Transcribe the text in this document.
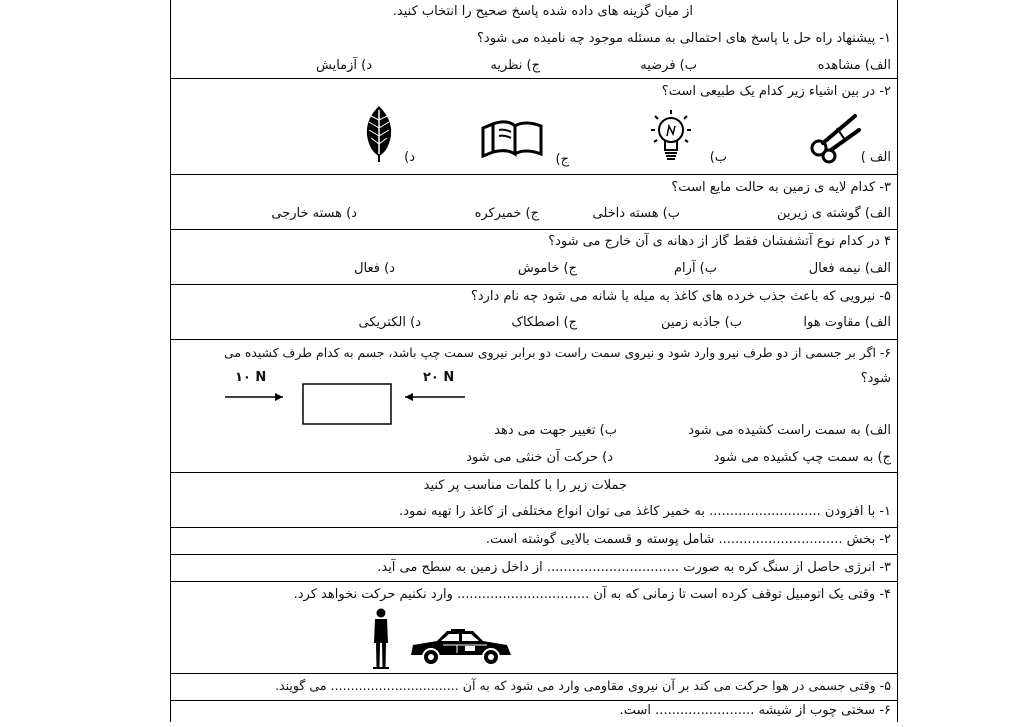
از میان گزینه های داده شده پاسخ صحیح را انتخاب کنید.
۱- پیشنهاد راه حل یا پاسخ های احتمالی به مسئله موجود چه نامیده می شود؟
الف) مشاهده
ب) فرضیه
ج) نظریه
د) آزمایش
۲- در بین اشیاء زیر کدام یک طبیعی است؟
الف )
ب)
ج)
د)
۳- کدام لایه ی زمین به حالت مایع است؟
الف) گوشته ی زیرین
ب) هسته داخلی
ج) خمیرکره
د) هسته خارجی
۴ در کدام نوع آتشفشان فقط گاز از دهانه ی آن خارج می شود؟
الف) نیمه فعال
ب) آرام
ج) خاموش
د) فعال
۵- نیرویی که باعث جذب خرده های کاغذ به میله یا شانه می شود چه نام دارد؟
الف) مقاوت هوا
ب) جاذبه زمین
ج) اصطکاک
د) الکتریکی
۶- اگر بر جسمی از دو طرف نیرو وارد شود و نیروی سمت راست دو برابر نیروی سمت چپ باشد، جسم به کدام طرف کشیده می
شود؟
۱۰ N	۲۰ N
الف) به سمت راست کشیده می شود
ب) تغییر جهت می دهد
ج) به سمت چپ کشیده می شود
د) حرکت آن خنثی می شود
جملات زیر را با کلمات مناسب پر کنید
۱- با افزودن ........................... به خمیر کاغذ می توان انواع مختلفی از کاغذ را تهیه نمود.
۲- بخش .............................. شامل پوسته و قسمت بالایی گوشته است.
۳- انرژی حاصل از سنگ کره به صورت ................................ از داخل زمین به سطح می آید.
۴- وقتی یک اتومبیل توقف کرده است تا زمانی که به آن ................................ وارد نکنیم حرکت نخواهد کرد.
۵- وقتی جسمی در هوا حرکت می کند بر آن نیروی مقاومی وارد می شود که به آن ................................ می گویند.
۶- سختی چوب از شیشه ........................ است.
